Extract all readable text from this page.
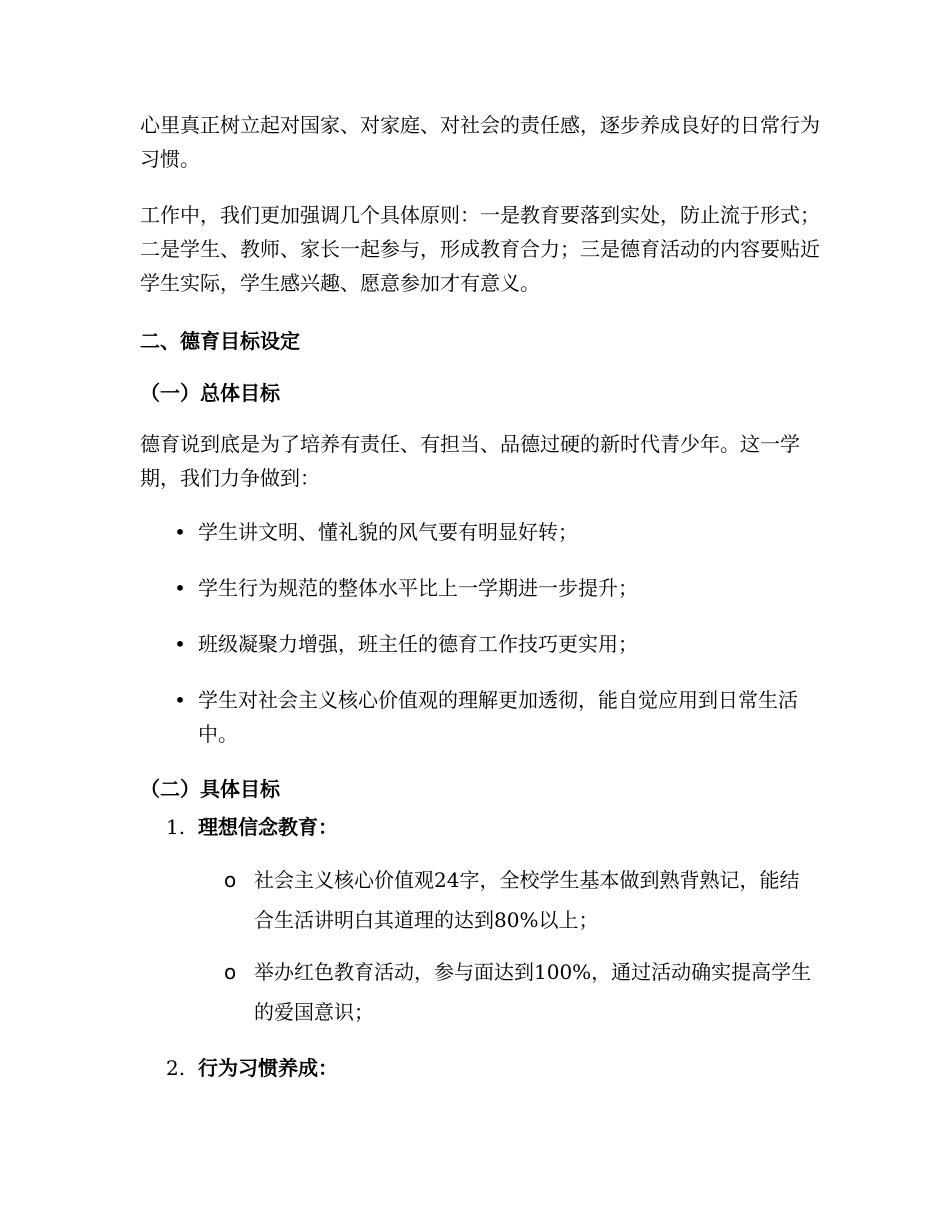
心里真正树立起对国家、对家庭、对社会的责任感，逐步养成良好的日常行为习惯。

工作中，我们更加强调几个具体原则：一是教育要落到实处，防止流于形式；二是学生、教师、家长一起参与，形成教育合力；三是德育活动的内容要贴近学生实际，学生感兴趣、愿意参加才有意义。

二、德育目标设定
（一）总体目标

德育说到底是为了培养有责任、有担当、品德过硬的新时代青少年。这一学期，我们力争做到：

• 学生讲文明、懂礼貌的风气要有明显好转；
• 学生行为规范的整体水平比上一学期进一步提升；
• 班级凝聚力增强，班主任的德育工作技巧更实用；
• 学生对社会主义核心价值观的理解更加透彻，能自觉应用到日常生活中。
（二）具体目标
1. 理想信念教育：
o 社会主义核心价值观24字，全校学生基本做到熟背熟记，能结合生活讲明白其道理的达到80%以上；
o 举办红色教育活动，参与面达到100%，通过活动确实提高学生的爱国意识；
2. 行为习惯养成：
